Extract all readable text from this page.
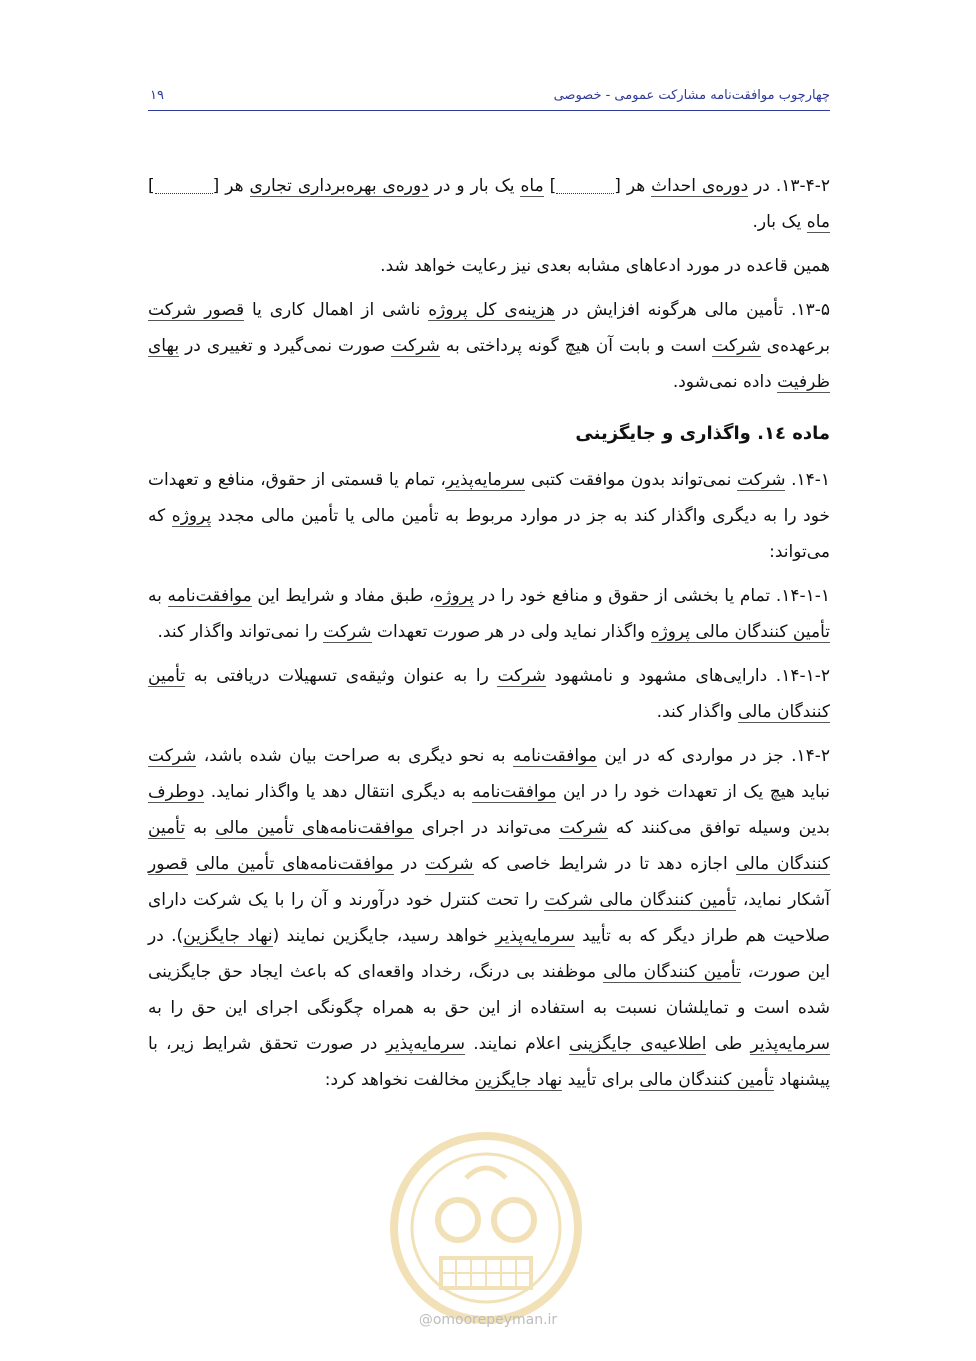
چهارچوب موافقت‌نامه مشارکت عمومی - خصوصی
۱۹

۱۳-۴-۲. در دوره‌ی احداث هر [] ماه یک بار و در دوره‌ی بهره‌برداری تجاری هر [] ماه یک بار.

همین قاعده در مورد ادعاهای مشابه بعدی نیز رعایت خواهد شد.

۱۳-۵. تأمین مالی هرگونه افزایش در هزینه‌ی کل پروژه ناشی از اهمال کاری یا قصور شرکت برعهده‌ی شرکت است و بابت آن هیچ گونه پرداختی به شرکت صورت نمی‌گیرد و تغییری در بهای ظرفیت داده نمی‌شود.

ماده ۱٤. واگذاری و جایگزینی

۱۴-۱. شرکت نمی‌تواند بدون موافقت کتبی سرمایه‌پذیر، تمام یا قسمتی از حقوق، منافع و تعهدات خود را به دیگری واگذار کند به جز در موارد مربوط به تأمین مالی یا تأمین مالی مجدد پروژه که می‌تواند:

۱۴-۱-۱. تمام یا بخشی از حقوق و منافع خود را در پروژه، طبق مفاد و شرایط این موافقت‌نامه به تأمین کنندگان مالی پروژه واگذار نماید ولی در هر صورت تعهدات شرکت را نمی‌تواند واگذار کند.

۱۴-۱-۲. دارایی‌های مشهود و نامشهود شرکت را به عنوان وثیقه‌ی تسهیلات دریافتی به تأمین کنندگان مالی واگذار کند.

۱۴-۲. جز در مواردی که در این موافقت‌نامه به نحو دیگری به صراحت بیان شده باشد، شرکت نباید هیچ یک از تعهدات خود را در این موافقت‌نامه به دیگری انتقال دهد یا واگذار نماید. دوطرف بدین وسیله توافق می‌کنند که شرکت می‌تواند در اجرای موافقت‌نامه‌های تأمین مالی به تأمین کنندگان مالی اجازه دهد تا در شرایط خاصی که شرکت در موافقت‌نامه‌های تأمین مالی قصور آشکار نماید، تأمین کنندگان مالی شرکت را تحت کنترل خود درآورند و آن را با یک شرکت دارای صلاحیت هم طراز دیگر که به تأیید سرمایه‌پذیر خواهد رسید، جایگزین نمایند (نهاد جایگزین). در این صورت، تأمین کنندگان مالی موظفند بی درنگ، رخداد واقعه‌ای که باعث ایجاد حق جایگزینی شده است و تمایلشان نسبت به استفاده از این حق به همراه چگونگی اجرای این حق را به سرمایه‌پذیر طی اطلاعیه‌ی جایگزینی اعلام نمایند. سرمایه‌پذیر در صورت تحقق شرایط زیر، با پیشنهاد تأمین کنندگان مالی برای تأیید نهاد جایگزین مخالفت نخواهد کرد:

@omoorepeyman.ir
